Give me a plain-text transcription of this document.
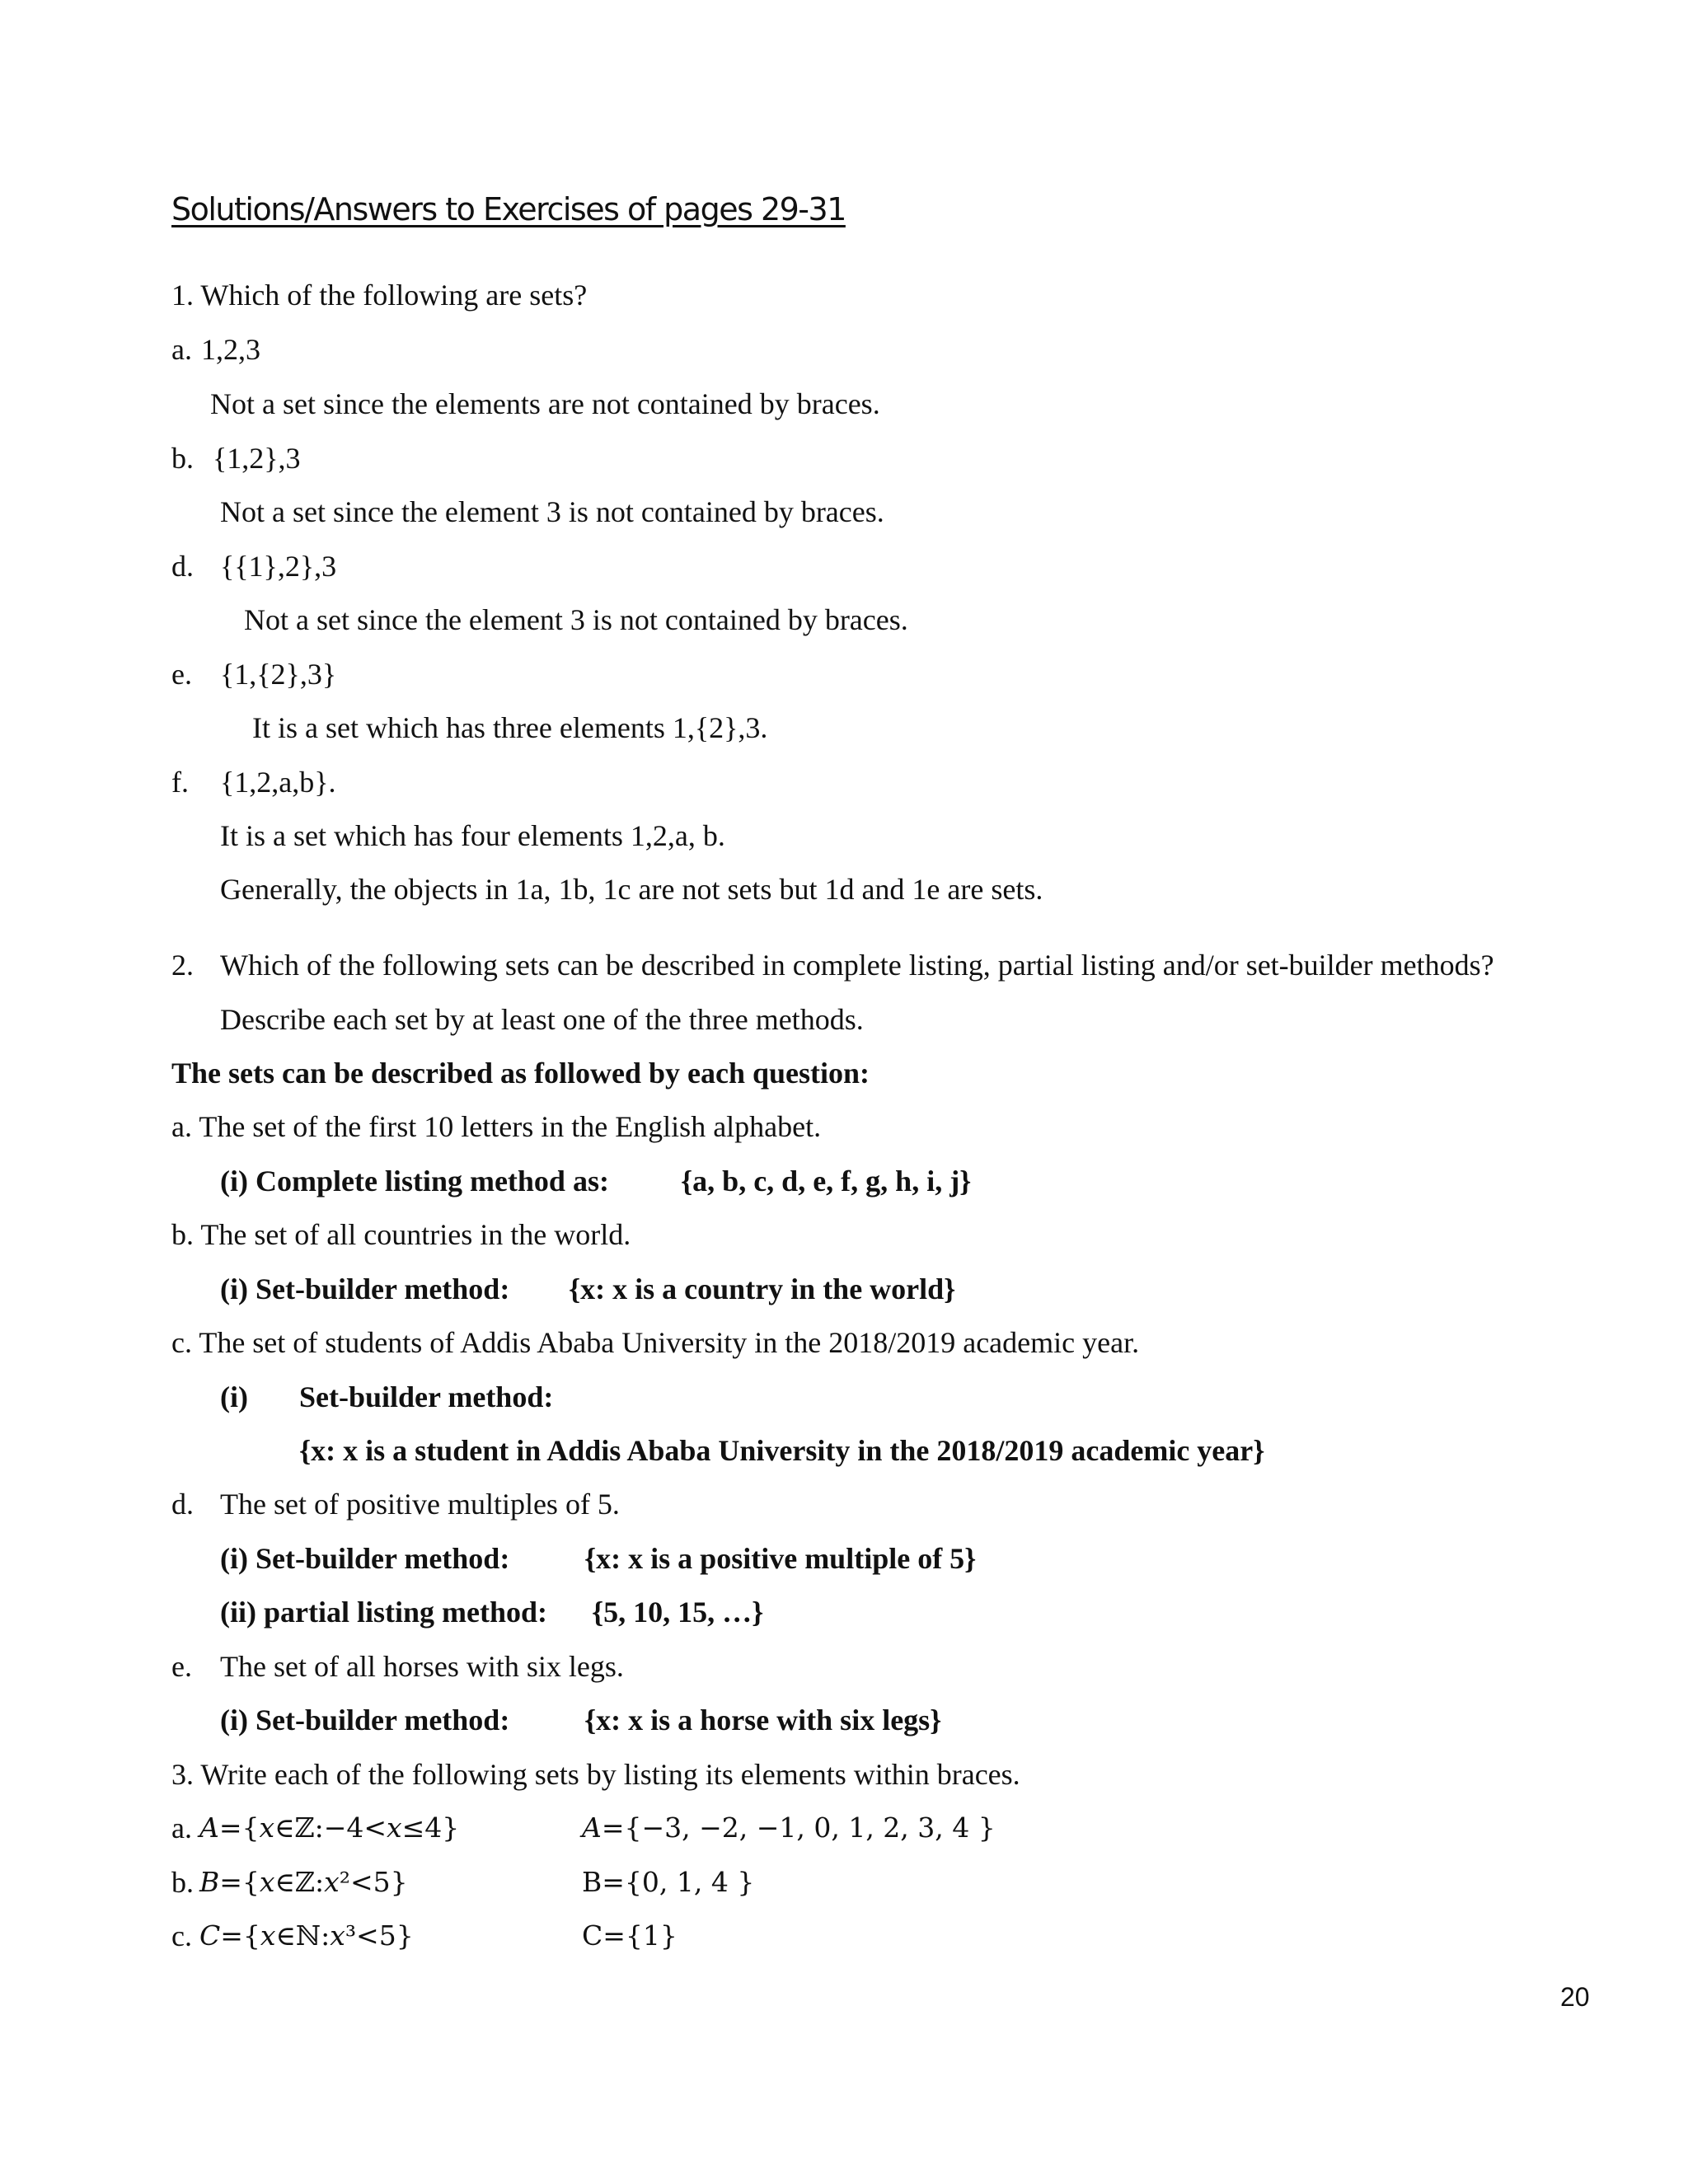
Solutions/Answers to Exercises of pages 29-31
1. Which of the following are sets?
a. 1,2,3
Not a set since the elements are not contained by braces.
b. {1,2},3
Not a set since the element 3 is not contained by braces.
d. {{1},2},3
Not a set since the element 3 is not contained by braces.
e. {1,{2},3}
It is a set which has three elements 1,{2},3.
f. {1,2,a,b}.
It is a set which has four elements 1,2,a, b.
Generally, the objects in 1a, 1b, 1c are not sets but 1d and 1e are sets.
2. Which of the following sets can be described in complete listing, partial listing and/or set-builder methods?
Describe each set by at least one of the three methods.
The sets can be described as followed by each question:
a. The set of the first 10 letters in the English alphabet.
(i) Complete listing method as: {a, b, c, d, e, f, g, h, i, j}
b. The set of all countries in the world.
(i) Set-builder method: {x: x is a country in the world}
c. The set of students of Addis Ababa University in the 2018/2019 academic year.
(i) Set-builder method:
{x: x is a student in Addis Ababa University in the 2018/2019 academic year}
d. The set of positive multiples of 5.
(i) Set-builder method:	{x: x is a positive multiple of 5}
(ii) partial listing method: {5, 10, 15, …}
e. The set of all horses with six legs.
(i) Set-builder method:	{x: x is a horse with six legs}
3. Write each of the following sets by listing its elements within braces.
a. 𝐴={𝑥∈ℤ:−4<𝑥≤4}	𝐴={−3, −2, −1, 0, 1, 2, 3, 4 }
b. 𝐵={𝑥∈ℤ:𝑥²<5}	B={0, 1, 4 }
c. 𝐶={𝑥∈ℕ:𝑥³<5}	C={1}
20
